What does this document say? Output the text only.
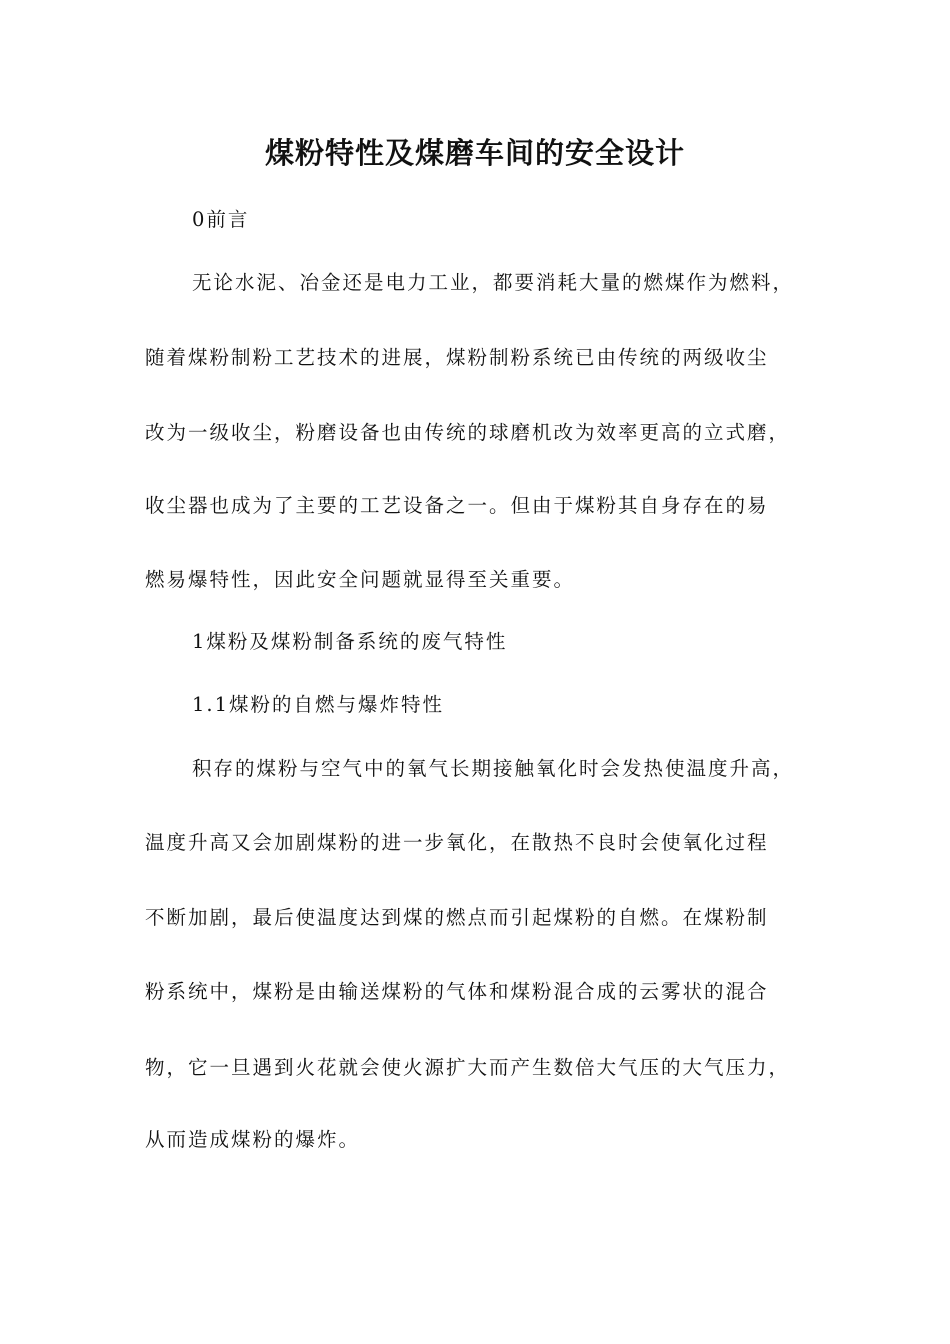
煤粉特性及煤磨车间的安全设计

0前言

无论水泥、冶金还是电力工业，都要消耗大量的燃煤作为燃料，

随着煤粉制粉工艺技术的进展，煤粉制粉系统已由传统的两级收尘

改为一级收尘，粉磨设备也由传统的球磨机改为效率更高的立式磨，

收尘器也成为了主要的工艺设备之一。但由于煤粉其自身存在的易

燃易爆特性，因此安全问题就显得至关重要。

1煤粉及煤粉制备系统的废气特性

1.1煤粉的自燃与爆炸特性

积存的煤粉与空气中的氧气长期接触氧化时会发热使温度升高，

温度升高又会加剧煤粉的进一步氧化，在散热不良时会使氧化过程

不断加剧，最后使温度达到煤的燃点而引起煤粉的自燃。在煤粉制

粉系统中，煤粉是由输送煤粉的气体和煤粉混合成的云雾状的混合

物，它一旦遇到火花就会使火源扩大而产生数倍大气压的大气压力，

从而造成煤粉的爆炸。
